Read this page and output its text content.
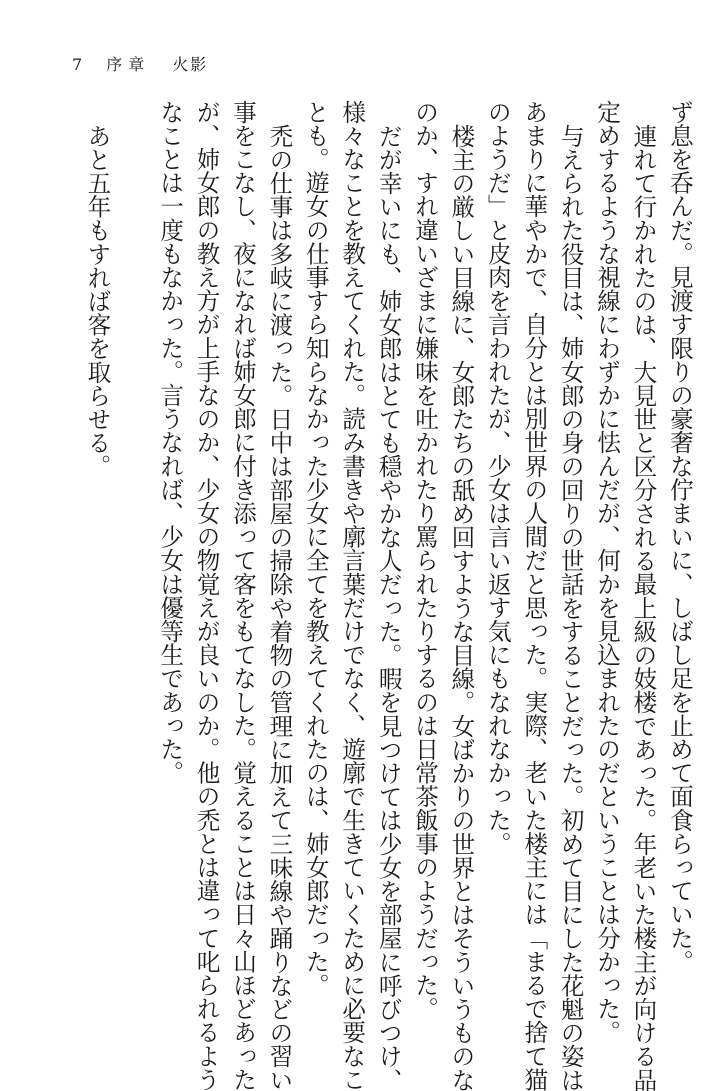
7 序章 火影
ず息を呑んだ。見渡す限りの豪奢な佇まいに、しばし足を止めて面食らっていた。
連れて行かれたのは、大見世と区分される最上級の妓楼であった。年老いた楼主が向ける品
定めするような視線にわずかに怯んだが、何かを見込まれたのだということは分かった。
与えられた役目は、姉女郎の身の回りの世話をすることだった。初めて目にした花魁の姿は
あまりに華やかで、自分とは別世界の人間だと思った。実際、老いた楼主には「まるで捨て猫
のようだ」と皮肉を言われたが、少女は言い返す気にもなれなかった。
楼主の厳しい目線に、女郎たちの舐め回すような目線。女ばかりの世界とはそういうものな
のか、すれ違いざまに嫌味を吐かれたり罵られたりするのは日常茶飯事のようだった。
だが幸いにも、姉女郎はとても穏やかな人だった。暇を見つけては少女を部屋に呼びつけ、
様々なことを教えてくれた。読み書きや廓言葉だけでなく、遊廓で生きていくために必要なこ
とも。遊女の仕事すら知らなかった少女に全てを教えてくれたのは、姉女郎だった。
禿の仕事は多岐に渡った。日中は部屋の掃除や着物の管理に加えて三味線や踊りなどの習い
事をこなし、夜になれば姉女郎に付き添って客をもてなした。覚えることは日々山ほどあった
が、姉女郎の教え方が上手なのか、少女の物覚えが良いのか。他の禿とは違って叱られるよう
なことは一度もなかった。言うなれば、少女は優等生であった。

あと五年もすれば客を取らせる。
